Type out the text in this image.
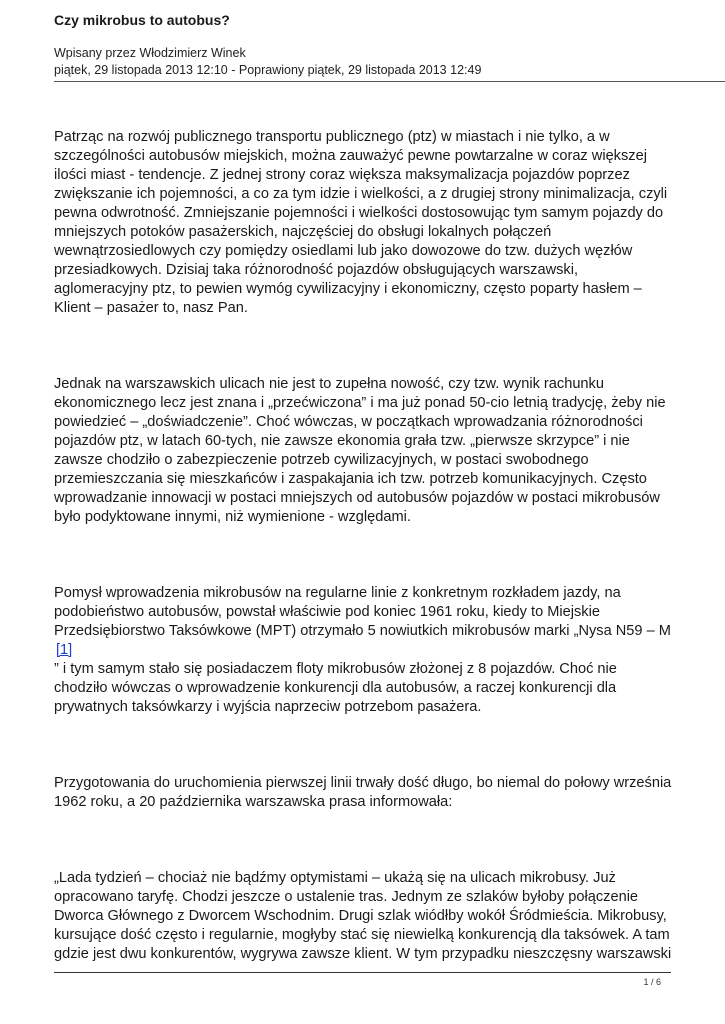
Czy mikrobus to autobus?
Wpisany przez Włodzimierz Winek
piątek, 29 listopada 2013 12:10 - Poprawiony piątek, 29 listopada 2013 12:49

Patrząc na rozwój publicznego transportu publicznego (ptz) w miastach i nie tylko, a w szczególności autobusów miejskich, można zauważyć pewne powtarzalne w coraz większej ilości miast - tendencje. Z jednej strony coraz większa maksymalizacja pojazdów poprzez zwiększanie ich pojemności, a co za tym idzie i wielkości, a z drugiej strony minimalizacja, czyli pewna odwrotność. Zmniejszanie pojemności i wielkości dostosowując tym samym pojazdy do mniejszych potoków pasażerskich, najczęściej do obsługi lokalnych połączeń wewnątrzosiedlowych czy pomiędzy osiedlami lub jako dowozowe do tzw. dużych węzłów przesiadkowych. Dzisiaj taka różnorodność pojazdów obsługujących warszawski, aglomeracyjny ptz, to pewien wymóg cywilizacyjny i ekonomiczny, często poparty hasłem – Klient – pasażer to, nasz Pan.

Jednak na warszawskich ulicach nie jest to zupełna nowość, czy tzw. wynik rachunku ekonomicznego lecz jest znana i „przećwiczona” i ma już ponad 50-cio letnią tradycję, żeby nie powiedzieć – „doświadczenie”. Choć wówczas, w początkach wprowadzania różnorodności pojazdów ptz, w latach 60-tych, nie zawsze ekonomia grała tzw. „pierwsze skrzypce” i nie zawsze chodziło o zabezpieczenie potrzeb cywilizacyjnych, w postaci swobodnego przemieszczania się mieszkańców i zaspakajania ich tzw. potrzeb komunikacyjnych. Często wprowadzanie innowacji w postaci mniejszych od autobusów pojazdów w postaci mikrobusów było podyktowane innymi, niż wymienione - względami.

Pomysł wprowadzenia mikrobusów na regularne linie z konkretnym rozkładem jazdy, na podobieństwo autobusów, powstał właściwie pod koniec 1961 roku, kiedy to Miejskie Przedsiębiorstwo Taksówkowe (MPT) otrzymało 5 nowiutkich mikrobusów marki „Nysa N59 – M
[1]
” i tym samym stało się posiadaczem floty mikrobusów złożonej z 8 pojazdów. Choć nie chodziło wówczas o wprowadzenie konkurencji dla autobusów, a raczej konkurencji dla prywatnych taksówkarzy i wyjścia naprzeciw potrzebom pasażera.

Przygotowania do uruchomienia pierwszej linii trwały dość długo, bo niemal do połowy września 1962 roku, a 20 października warszawska prasa informowała:

„Lada tydzień – chociaż nie bądźmy optymistami – ukażą się na ulicach mikrobusy. Już opracowano taryfę. Chodzi jeszcze o ustalenie tras. Jednym ze szlaków byłoby połączenie Dworca Głównego z Dworcem Wschodnim. Drugi szlak wiódłby wokół Śródmieścia. Mikrobusy, kursujące dość często i regularnie, mogłyby stać się niewielką konkurencją dla taksówek. A tam gdzie jest dwu konkurentów, wygrywa zawsze klient. W tym przypadku nieszczęsny warszawski

1 / 6
